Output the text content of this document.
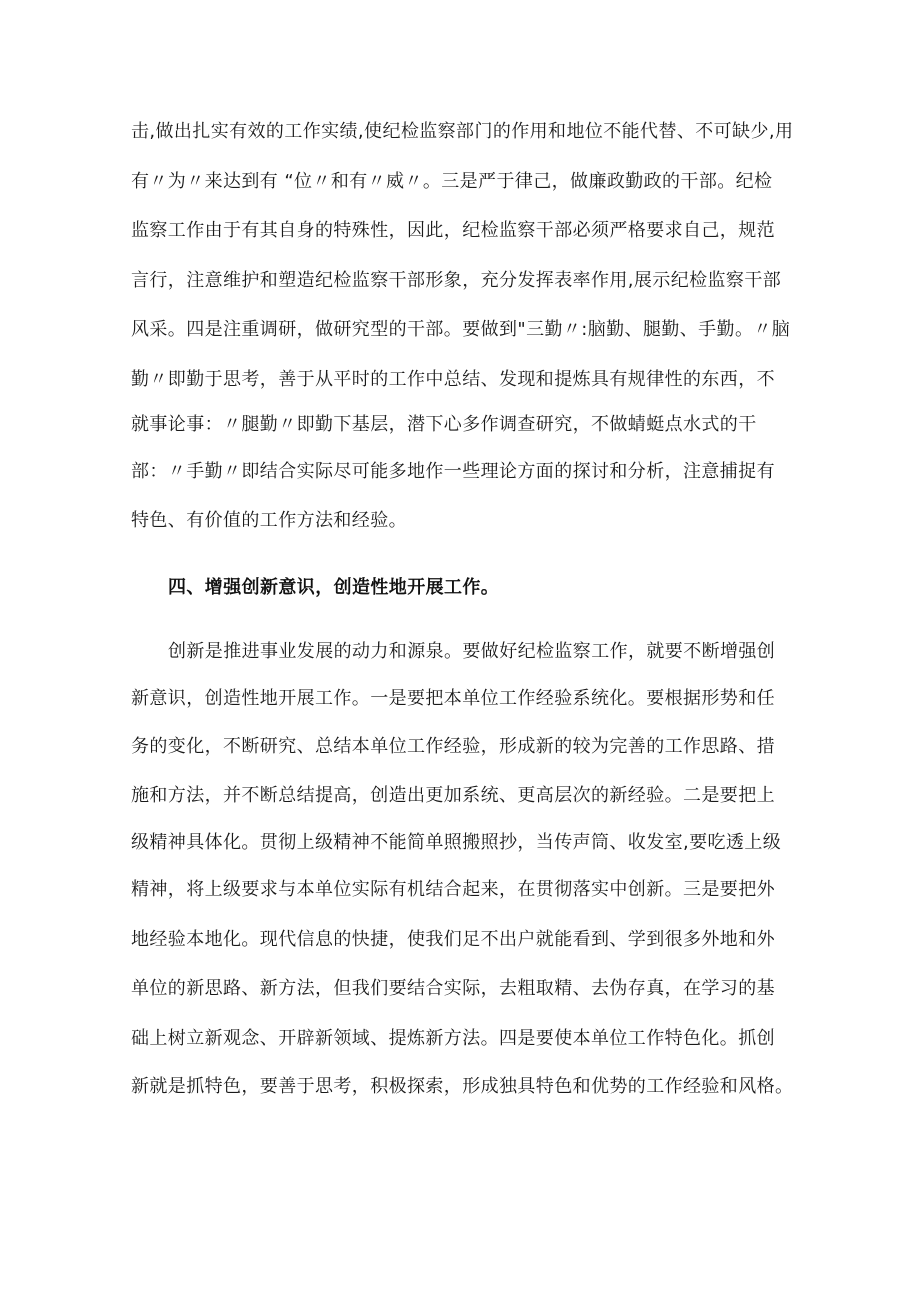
击,做出扎实有效的工作实绩,使纪检监察部门的作用和地位不能代替、不可缺少,用
有〃为〃来达到有 “位〃和有〃威〃。三是严于律己，做廉政勤政的干部。纪检
监察工作由于有其自身的特殊性，因此，纪检监察干部必须严格要求自己，规范
言行，注意维护和塑造纪检监察干部形象，充分发挥表率作用,展示纪检监察干部
风采。四是注重调研，做研究型的干部。要做到"三勤〃:脑勤、腿勤、手勤。〃脑
勤〃即勤于思考，善于从平时的工作中总结、发现和提炼具有规律性的东西，不
就事论事：〃腿勤〃即勤下基层，潜下心多作调查研究，不做蜻蜓点水式的干
部：〃手勤〃即结合实际尽可能多地作一些理论方面的探讨和分析，注意捕捉有
特色、有价值的工作方法和经验。
四、增强创新意识，创造性地开展工作。
创新是推进事业发展的动力和源泉。要做好纪检监察工作，就要不断增强创
新意识，创造性地开展工作。一是要把本单位工作经验系统化。要根据形势和任
务的变化，不断研究、总结本单位工作经验，形成新的较为完善的工作思路、措
施和方法，并不断总结提高，创造出更加系统、更高层次的新经验。二是要把上
级精神具体化。贯彻上级精神不能简单照搬照抄，当传声筒、收发室,要吃透上级
精神，将上级要求与本单位实际有机结合起来，在贯彻落实中创新。三是要把外
地经验本地化。现代信息的快捷，使我们足不出户就能看到、学到很多外地和外
单位的新思路、新方法，但我们要结合实际，去粗取精、去伪存真，在学习的基
础上树立新观念、开辟新领域、提炼新方法。四是要使本单位工作特色化。抓创
新就是抓特色，要善于思考，积极探索，形成独具特色和优势的工作经验和风格。
